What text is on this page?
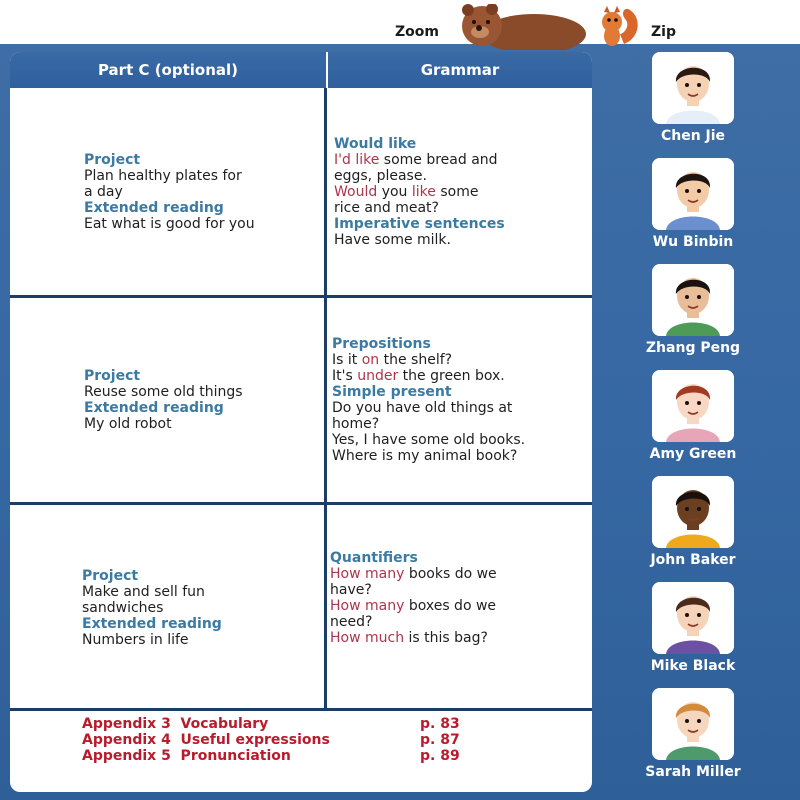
Zoom	Zip
Part C (optional)	Grammar
Project
Plan healthy plates for
a day
Extended reading
Eat what is good for you
Would like
I'd like some bread and
eggs, please.
Would you like some
rice and meat?
Imperative sentences
Have some milk.
Project
Reuse some old things
Extended reading
My old robot
Prepositions
Is it on the shelf?
It's under the green box.
Simple present
Do you have old things at
home?
Yes, I have some old books.
Where is my animal book?
Project
Make and sell fun
sandwiches
Extended reading
Numbers in life
Quantifiers
How many books do we
have?
How many boxes do we
need?
How much is this bag?
Appendix 3  Vocabulary
Appendix 4  Useful expressions
Appendix 5  Pronunciation
p. 83
p. 87
p. 89
Chen Jie
Wu Binbin
Zhang Peng
Amy Green
John Baker
Mike Black
Sarah Miller
